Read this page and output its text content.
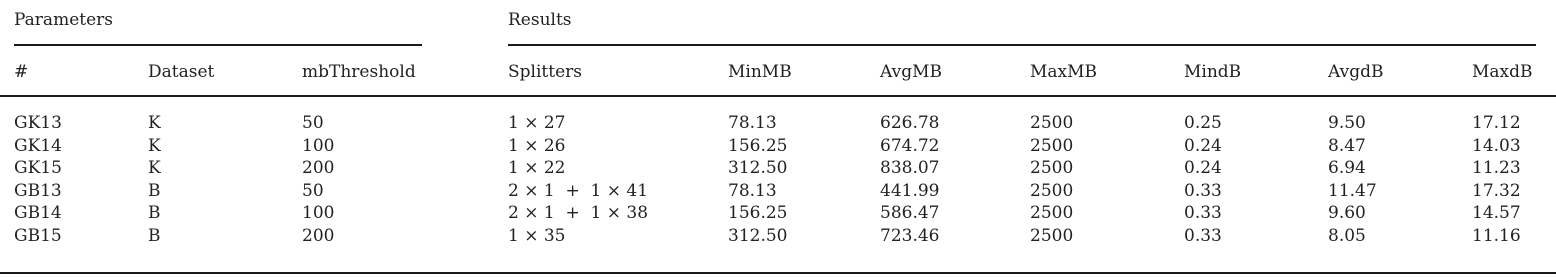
Parameters	Results
#	Dataset	mbThreshold	Splitters	MinMB	AvgMB	MaxMB	MindB	AvgdB	MaxdB
GK13	K	50	1 × 27	78.13	626.78	2500	0.25	9.50	17.12
GK14	K	100	1 × 26	156.25	674.72	2500	0.24	8.47	14.03
GK15	K	200	1 × 22	312.50	838.07	2500	0.24	6.94	11.23
GB13	B	50	2 × 1  +  1 × 41	78.13	441.99	2500	0.33	11.47	17.32
GB14	B	100	2 × 1  +  1 × 38	156.25	586.47	2500	0.33	9.60	14.57
GB15	B	200	1 × 35	312.50	723.46	2500	0.33	8.05	11.16
